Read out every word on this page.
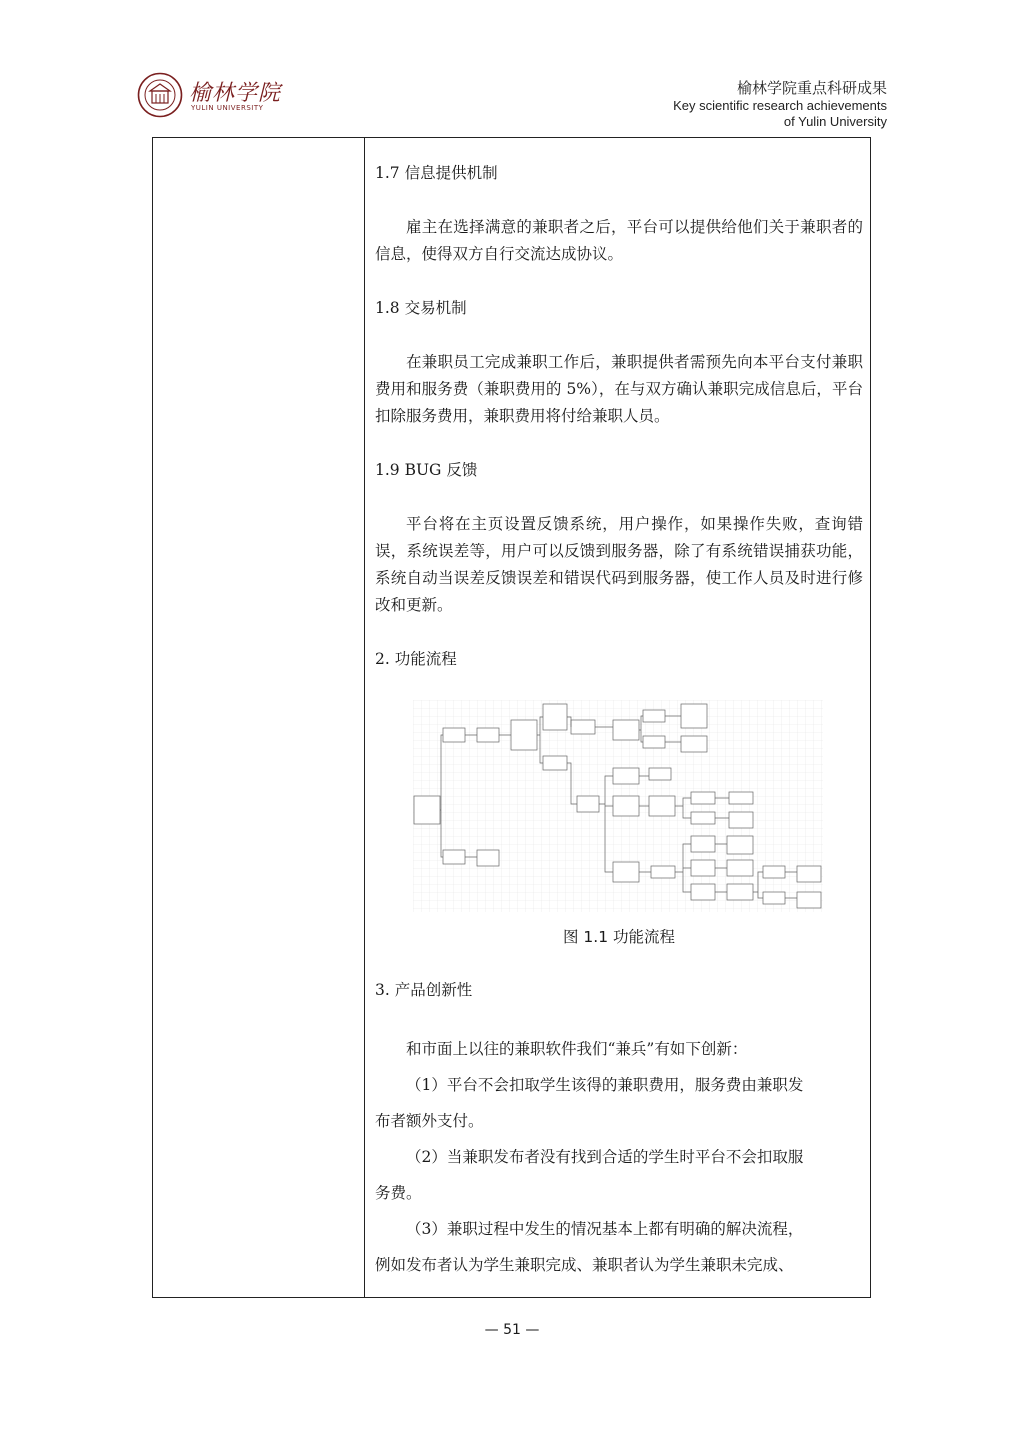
榆林学院
YULIN UNIVERSITY
榆林学院重点科研成果
Key scientific research achievements
of Yulin University

1.7 信息提供机制

雇主在选择满意的兼职者之后，平台可以提供给他们关于兼职者的信息，使得双方自行交流达成协议。

1.8 交易机制

在兼职员工完成兼职工作后，兼职提供者需预先向本平台支付兼职费用和服务费（兼职费用的 5%），在与双方确认兼职完成信息后，平台扣除服务费用，兼职费用将付给兼职人员。

1.9 BUG 反馈

平台将在主页设置反馈系统，用户操作，如果操作失败，查询错误，系统误差等，用户可以反馈到服务器，除了有系统错误捕获功能，系统自动当误差反馈误差和错误代码到服务器，使工作人员及时进行修改和更新。

2. 功能流程

图 1.1 功能流程

3. 产品创新性

和市面上以往的兼职软件我们“兼兵”有如下创新：

（1）平台不会扣取学生该得的兼职费用，服务费由兼职发

布者额外支付。

（2）当兼职发布者没有找到合适的学生时平台不会扣取服

务费。

（3）兼职过程中发生的情况基本上都有明确的解决流程，

例如发布者认为学生兼职完成、兼职者认为学生兼职未完成、

— 51 —
